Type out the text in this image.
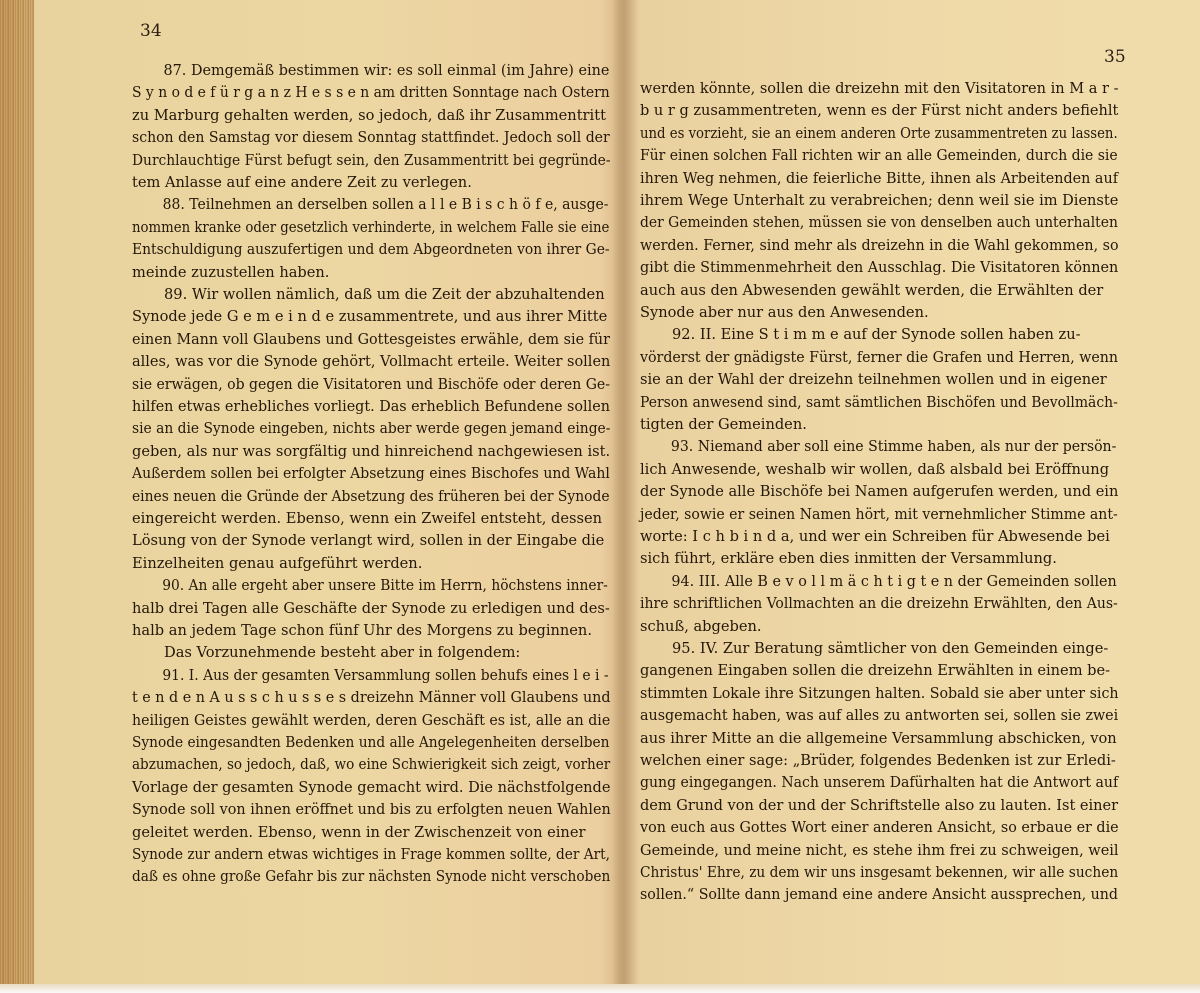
34
35
87. Demgemäß bestimmen wir: es soll einmal (im Jahre) eine
S y n o d e f ü r g a n z H e s s e n am dritten Sonntage nach Ostern
zu Marburg gehalten werden, so jedoch, daß ihr Zusammentritt
schon den Samstag vor diesem Sonntag stattfindet. Jedoch soll der
Durchlauchtige Fürst befugt sein, den Zusammentritt bei gegründe-
tem Anlasse auf eine andere Zeit zu verlegen.
88. Teilnehmen an derselben sollen a l l e B i s c h ö f e, ausge-
nommen kranke oder gesetzlich verhinderte, in welchem Falle sie eine
Entschuldigung auszufertigen und dem Abgeordneten von ihrer Ge-
meinde zuzustellen haben.
89. Wir wollen nämlich, daß um die Zeit der abzuhaltenden
Synode jede G e m e i n d e zusammentrete, und aus ihrer Mitte
einen Mann voll Glaubens und Gottesgeistes erwähle, dem sie für
alles, was vor die Synode gehört, Vollmacht erteile. Weiter sollen
sie erwägen, ob gegen die Visitatoren und Bischöfe oder deren Ge-
hilfen etwas erhebliches vorliegt. Das erheblich Befundene sollen
sie an die Synode eingeben, nichts aber werde gegen jemand einge-
geben, als nur was sorgfältig und hinreichend nachgewiesen ist.
Außerdem sollen bei erfolgter Absetzung eines Bischofes und Wahl
eines neuen die Gründe der Absetzung des früheren bei der Synode
eingereicht werden. Ebenso, wenn ein Zweifel entsteht, dessen
Lösung von der Synode verlangt wird, sollen in der Eingabe die
Einzelheiten genau aufgeführt werden.
90. An alle ergeht aber unsere Bitte im Herrn, höchstens inner-
halb drei Tagen alle Geschäfte der Synode zu erledigen und des-
halb an jedem Tage schon fünf Uhr des Morgens zu beginnen.
Das Vorzunehmende besteht aber in folgendem:
91. I. Aus der gesamten Versammlung sollen behufs eines l e i -
t e n d e n A u s s c h u s s e s dreizehn Männer voll Glaubens und
heiligen Geistes gewählt werden, deren Geschäft es ist, alle an die
Synode eingesandten Bedenken und alle Angelegenheiten derselben
abzumachen, so jedoch, daß, wo eine Schwierigkeit sich zeigt, vorher
Vorlage der gesamten Synode gemacht wird. Die nächstfolgende
Synode soll von ihnen eröffnet und bis zu erfolgten neuen Wahlen
geleitet werden. Ebenso, wenn in der Zwischenzeit von einer
Synode zur andern etwas wichtiges in Frage kommen sollte, der Art,
daß es ohne große Gefahr bis zur nächsten Synode nicht verschoben
werden könnte, sollen die dreizehn mit den Visitatoren in M a r -
b u r g zusammentreten, wenn es der Fürst nicht anders befiehlt
und es vorzieht, sie an einem anderen Orte zusammentreten zu lassen.
Für einen solchen Fall richten wir an alle Gemeinden, durch die sie
ihren Weg nehmen, die feierliche Bitte, ihnen als Arbeitenden auf
ihrem Wege Unterhalt zu verabreichen; denn weil sie im Dienste
der Gemeinden stehen, müssen sie von denselben auch unterhalten
werden. Ferner, sind mehr als dreizehn in die Wahl gekommen, so
gibt die Stimmenmehrheit den Ausschlag. Die Visitatoren können
auch aus den Abwesenden gewählt werden, die Erwählten der
Synode aber nur aus den Anwesenden.
92. II. Eine S t i m m e auf der Synode sollen haben zu-
vörderst der gnädigste Fürst, ferner die Grafen und Herren, wenn
sie an der Wahl der dreizehn teilnehmen wollen und in eigener
Person anwesend sind, samt sämtlichen Bischöfen und Bevollmäch-
tigten der Gemeinden.
93. Niemand aber soll eine Stimme haben, als nur der persön-
lich Anwesende, weshalb wir wollen, daß alsbald bei Eröffnung
der Synode alle Bischöfe bei Namen aufgerufen werden, und ein
jeder, sowie er seinen Namen hört, mit vernehmlicher Stimme ant-
worte: I c h b i n d a, und wer ein Schreiben für Abwesende bei
sich führt, erkläre eben dies inmitten der Versammlung.
94. III. Alle B e v o l l m ä c h t i g t e n der Gemeinden sollen
ihre schriftlichen Vollmachten an die dreizehn Erwählten, den Aus-
schuß, abgeben.
95. IV. Zur Beratung sämtlicher von den Gemeinden einge-
gangenen Eingaben sollen die dreizehn Erwählten in einem be-
stimmten Lokale ihre Sitzungen halten. Sobald sie aber unter sich
ausgemacht haben, was auf alles zu antworten sei, sollen sie zwei
aus ihrer Mitte an die allgemeine Versammlung abschicken, von
welchen einer sage: „Brüder, folgendes Bedenken ist zur Erledi-
gung eingegangen. Nach unserem Dafürhalten hat die Antwort auf
dem Grund von der und der Schriftstelle also zu lauten. Ist einer
von euch aus Gottes Wort einer anderen Ansicht, so erbaue er die
Gemeinde, und meine nicht, es stehe ihm frei zu schweigen, weil
Christus' Ehre, zu dem wir uns insgesamt bekennen, wir alle suchen
sollen.“ Sollte dann jemand eine andere Ansicht aussprechen, und
